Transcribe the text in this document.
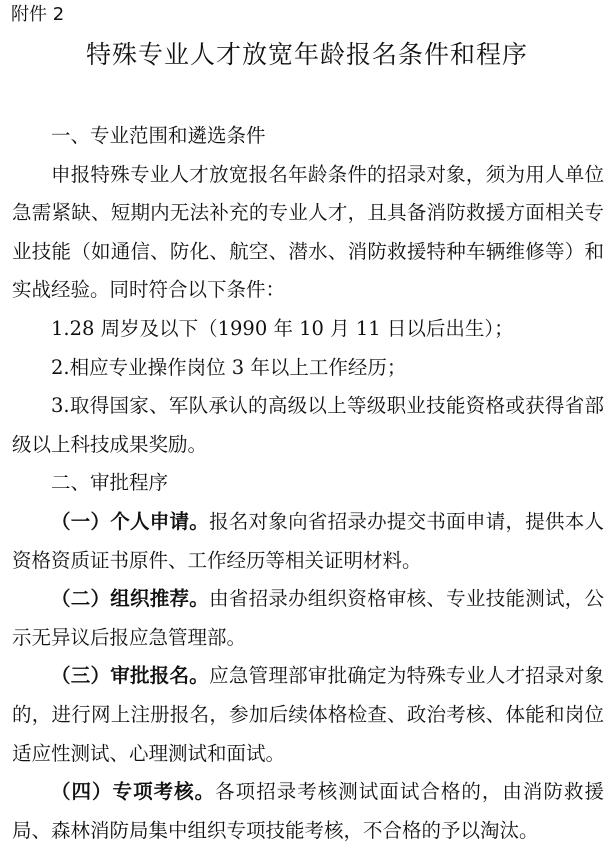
附件 2
特殊专业人才放宽年龄报名条件和程序

一、专业范围和遴选条件

申报特殊专业人才放宽报名年龄条件的招录对象，须为用人单位急需紧缺、短期内无法补充的专业人才，且具备消防救援方面相关专业技能（如通信、防化、航空、潜水、消防救援特种车辆维修等）和实战经验。同时符合以下条件：

1.28 周岁及以下（1990 年 10 月 11 日以后出生）；

2.相应专业操作岗位 3 年以上工作经历；

3.取得国家、军队承认的高级以上等级职业技能资格或获得省部级以上科技成果奖励。

二、审批程序

（一）个人申请。报名对象向省招录办提交书面申请，提供本人资格资质证书原件、工作经历等相关证明材料。

（二）组织推荐。由省招录办组织资格审核、专业技能测试，公示无异议后报应急管理部。

（三）审批报名。应急管理部审批确定为特殊专业人才招录对象的，进行网上注册报名，参加后续体格检查、政治考核、体能和岗位适应性测试、心理测试和面试。

（四）专项考核。各项招录考核测试面试合格的，由消防救援局、森林消防局集中组织专项技能考核，不合格的予以淘汰。
